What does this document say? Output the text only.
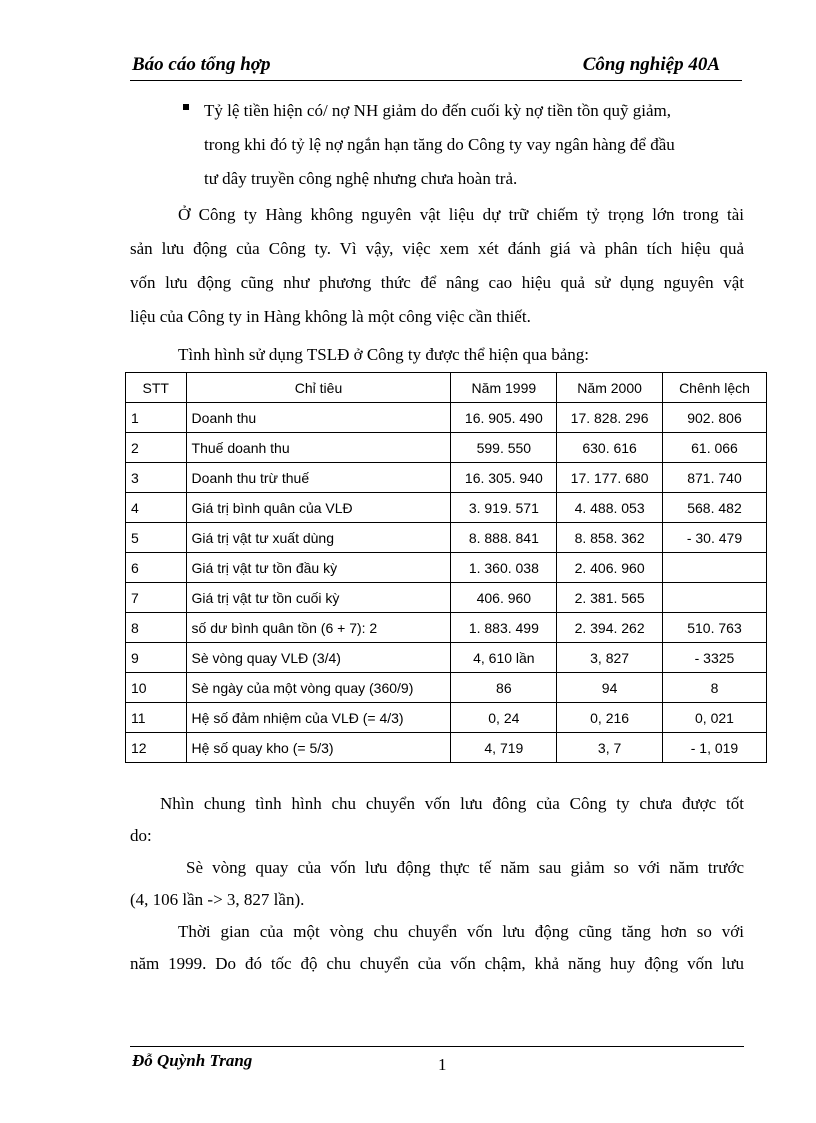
Báo cáo tổng hợp	Công nghiệp 40A
Tỷ lệ tiền hiện có/ nợ NH giảm do đến cuối kỳ nợ tiền tồn quỹ giảm,
trong khi đó tỷ lệ nợ ngắn hạn tăng do Công ty vay ngân hàng để đầu
tư dây truyền công nghệ nhưng chưa hoàn trả.
Ở Công ty Hàng không nguyên vật liệu dự trữ chiếm tỷ trọng lớn trong tài
sản lưu động của Công ty. Vì vậy, việc xem xét đánh giá và phân tích hiệu quả
vốn lưu động cũng như phương thức để nâng cao hiệu quả sử dụng nguyên vật
liệu của Công ty in Hàng không là một công việc cần thiết.
Tình hình sử dụng TSLĐ ở Công ty được thể hiện qua bảng:
STT	Chỉ tiêu	Năm 1999	Năm 2000	Chênh lệch
1	Doanh thu	16. 905. 490	17. 828. 296	902. 806
2	Thuế doanh thu	599. 550	630. 616	61. 066
3	Doanh thu trừ thuế	16. 305. 940	17. 177. 680	871. 740
4	Giá trị bình quân của VLĐ	3. 919. 571	4. 488. 053	568. 482
5	Giá trị vật tư xuất dùng	8. 888. 841	8. 858. 362	- 30. 479
6	Giá trị vật tư tồn đầu kỳ	1. 360. 038	2. 406. 960	
7	Giá trị vật tư tồn cuối kỳ	406. 960	2. 381. 565	
8	số dư bình quân tồn (6 + 7): 2	1. 883. 499	2. 394. 262	510. 763
9	Sè vòng quay VLĐ (3/4)	4, 610 lần	3, 827	- 3325
10	Sè ngày của một vòng quay (360/9)	86	94	8
11	Hệ số đảm nhiệm của VLĐ (= 4/3)	0, 24	0, 216	0, 021
12	Hệ số quay kho (= 5/3)	4, 719	3, 7	- 1, 019
Nhìn chung tình hình chu chuyển vốn lưu đông của Công ty chưa được tốt
do:
Sè vòng quay của vốn lưu động thực tế năm sau giảm so với năm trước
(4, 106 lần -> 3, 827 lần).
Thời gian của một vòng chu chuyển vốn lưu động cũng tăng hơn so với
năm 1999. Do đó tốc độ chu chuyển của vốn chậm, khả năng huy động vốn lưu
Đỗ Quỳnh Trang	1
